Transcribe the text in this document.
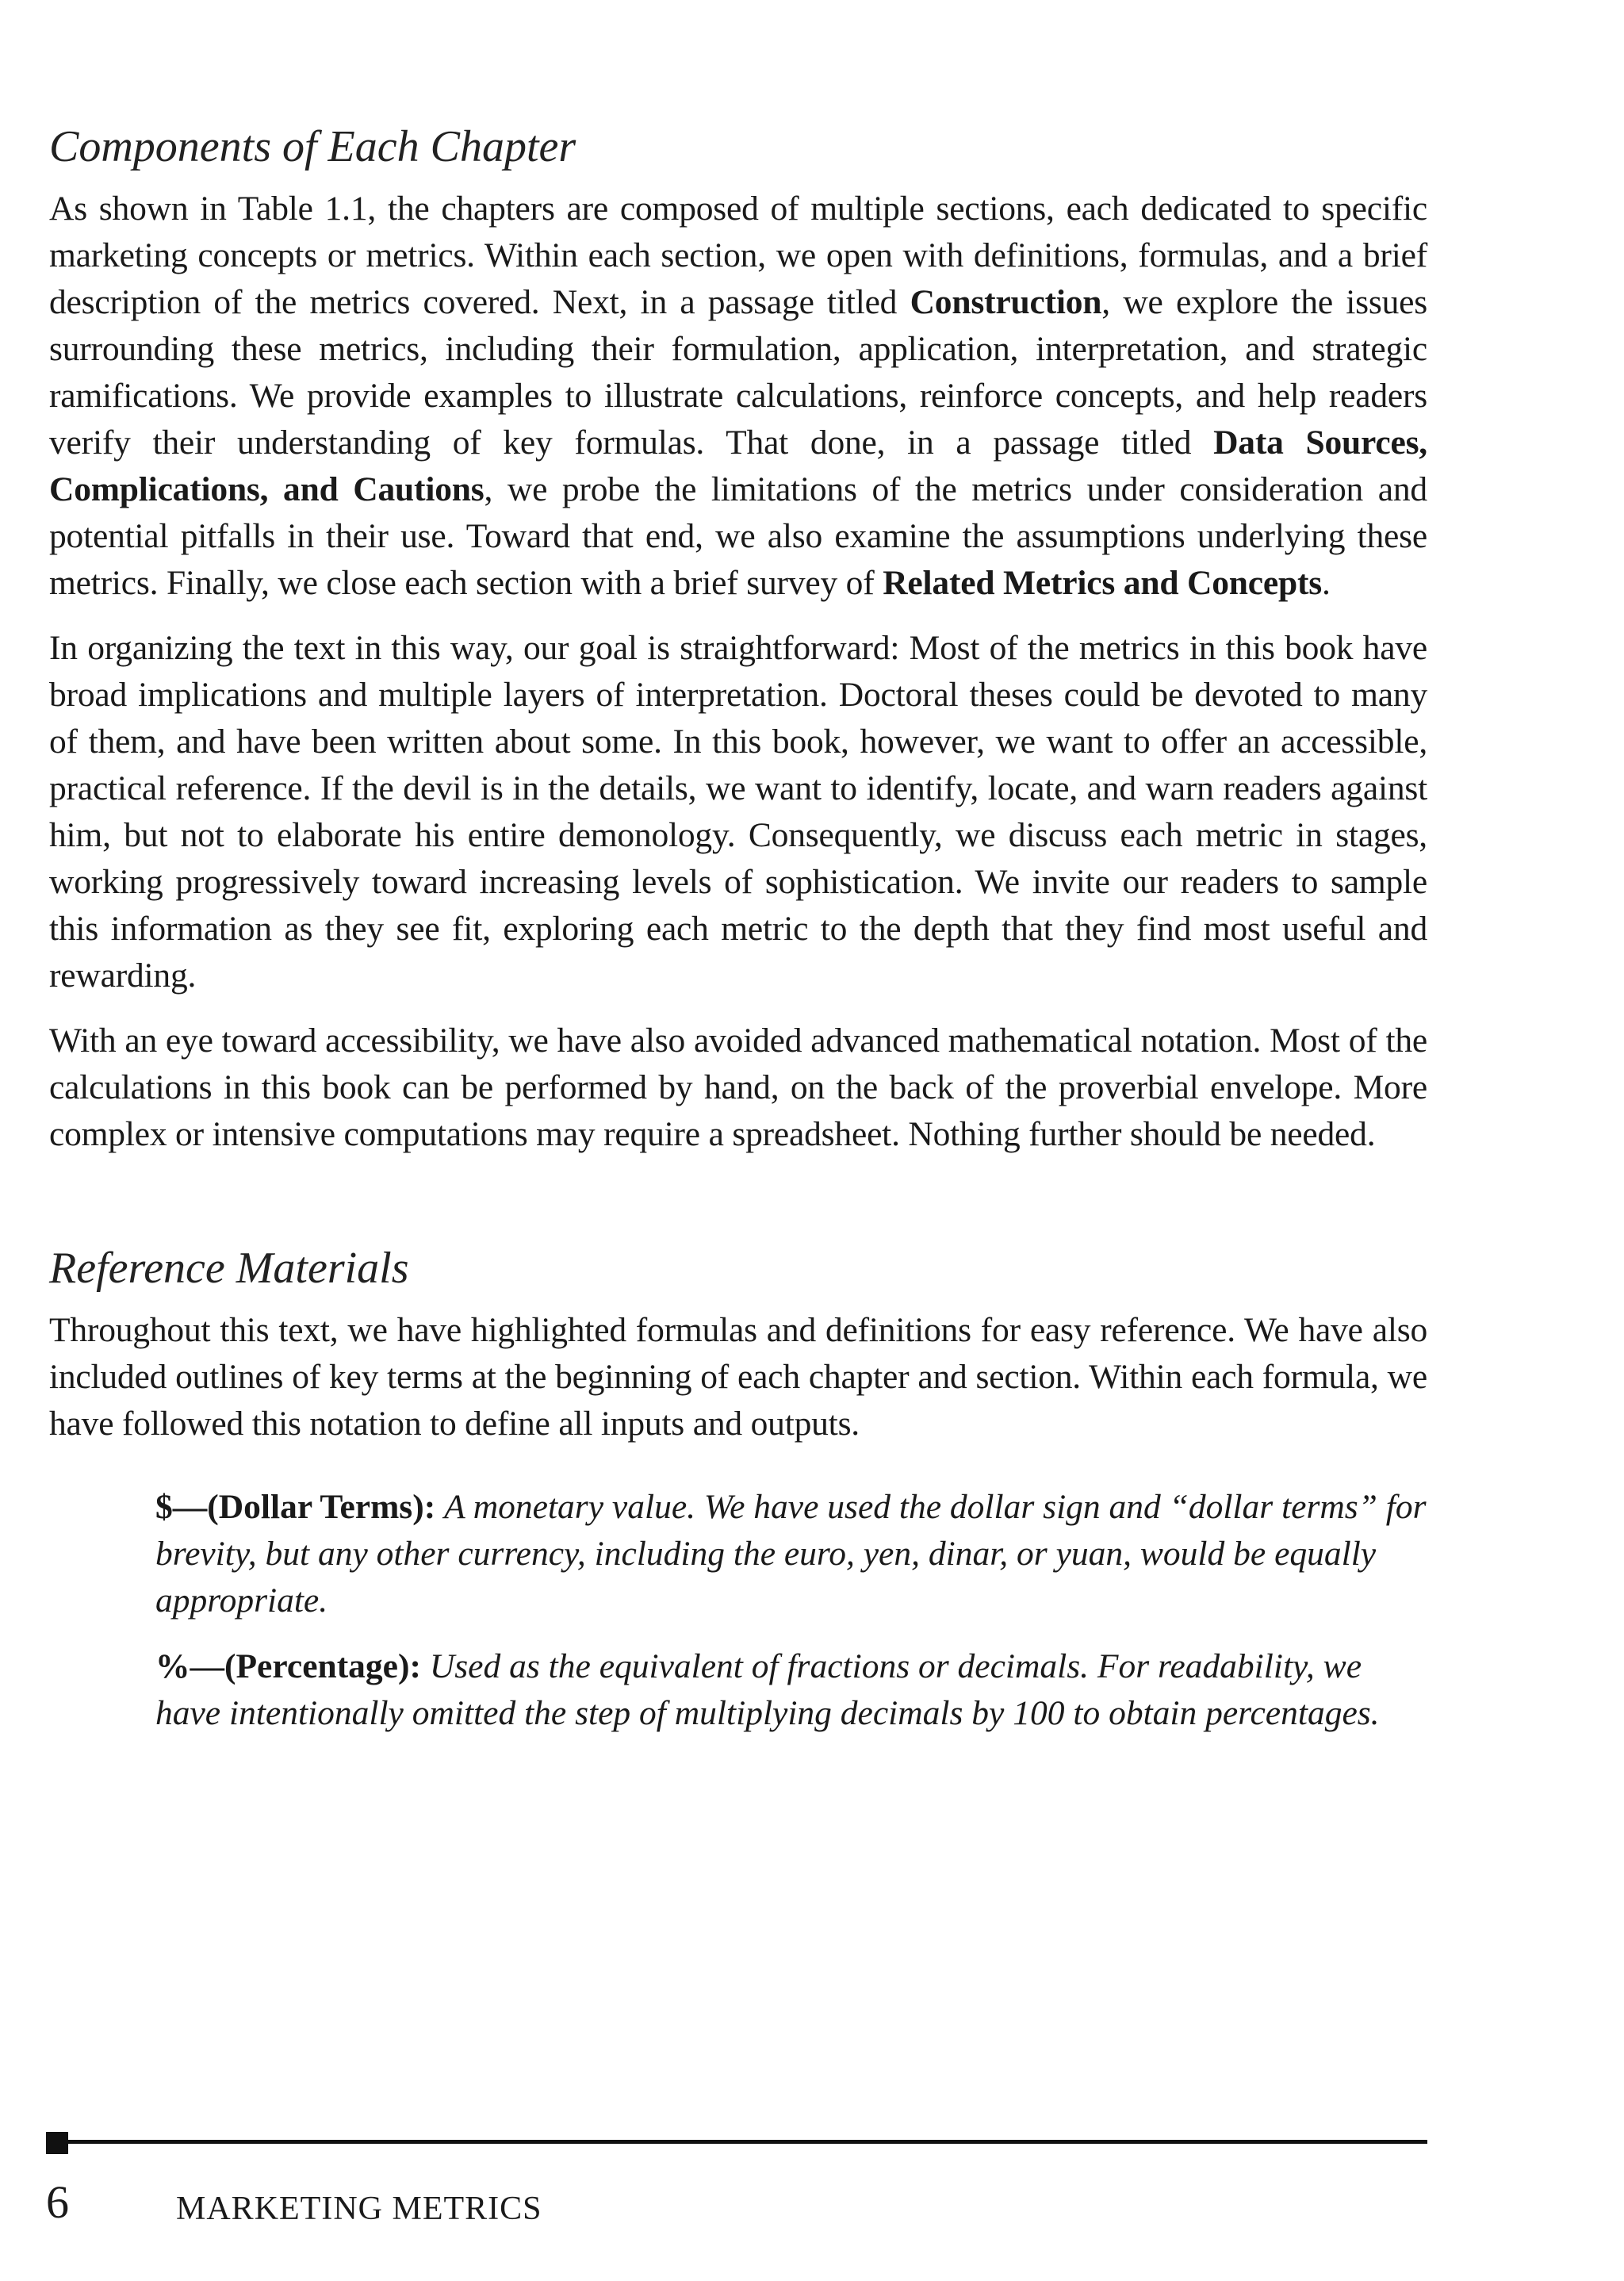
Components of Each Chapter

As shown in Table 1.1, the chapters are composed of multiple sections, each dedicated to specific marketing concepts or metrics. Within each section, we open with definitions, formulas, and a brief description of the metrics covered. Next, in a passage titled Construction, we explore the issues surrounding these metrics, including their formulation, application, interpretation, and strategic ramifications. We provide examples to illustrate calculations, reinforce concepts, and help readers verify their understanding of key formulas. That done, in a passage titled Data Sources, Complications, and Cautions, we probe the limitations of the metrics under consideration and potential pitfalls in their use. Toward that end, we also examine the assumptions underlying these metrics. Finally, we close each section with a brief survey of Related Metrics and Concepts.

In organizing the text in this way, our goal is straightforward: Most of the metrics in this book have broad implications and multiple layers of interpretation. Doctoral theses could be devoted to many of them, and have been written about some. In this book, however, we want to offer an accessible, practical reference. If the devil is in the details, we want to identify, locate, and warn readers against him, but not to elaborate his entire demonology. Consequently, we discuss each metric in stages, working progressively toward increasing levels of sophistication. We invite our readers to sample this information as they see fit, exploring each metric to the depth that they find most useful and rewarding.

With an eye toward accessibility, we have also avoided advanced mathematical notation. Most of the calculations in this book can be performed by hand, on the back of the proverbial envelope. More complex or intensive computations may require a spreadsheet. Nothing further should be needed.

Reference Materials

Throughout this text, we have highlighted formulas and definitions for easy reference. We have also included outlines of key terms at the beginning of each chapter and section. Within each formula, we have followed this notation to define all inputs and outputs.

$—(Dollar Terms): A monetary value. We have used the dollar sign and “dollar terms” for brevity, but any other currency, including the euro, yen, dinar, or yuan, would be equally appropriate.
%—(Percentage): Used as the equivalent of fractions or decimals. For readability, we have intentionally omitted the step of multiplying decimals by 100 to obtain percentages.
6	MARKETING METRICS
